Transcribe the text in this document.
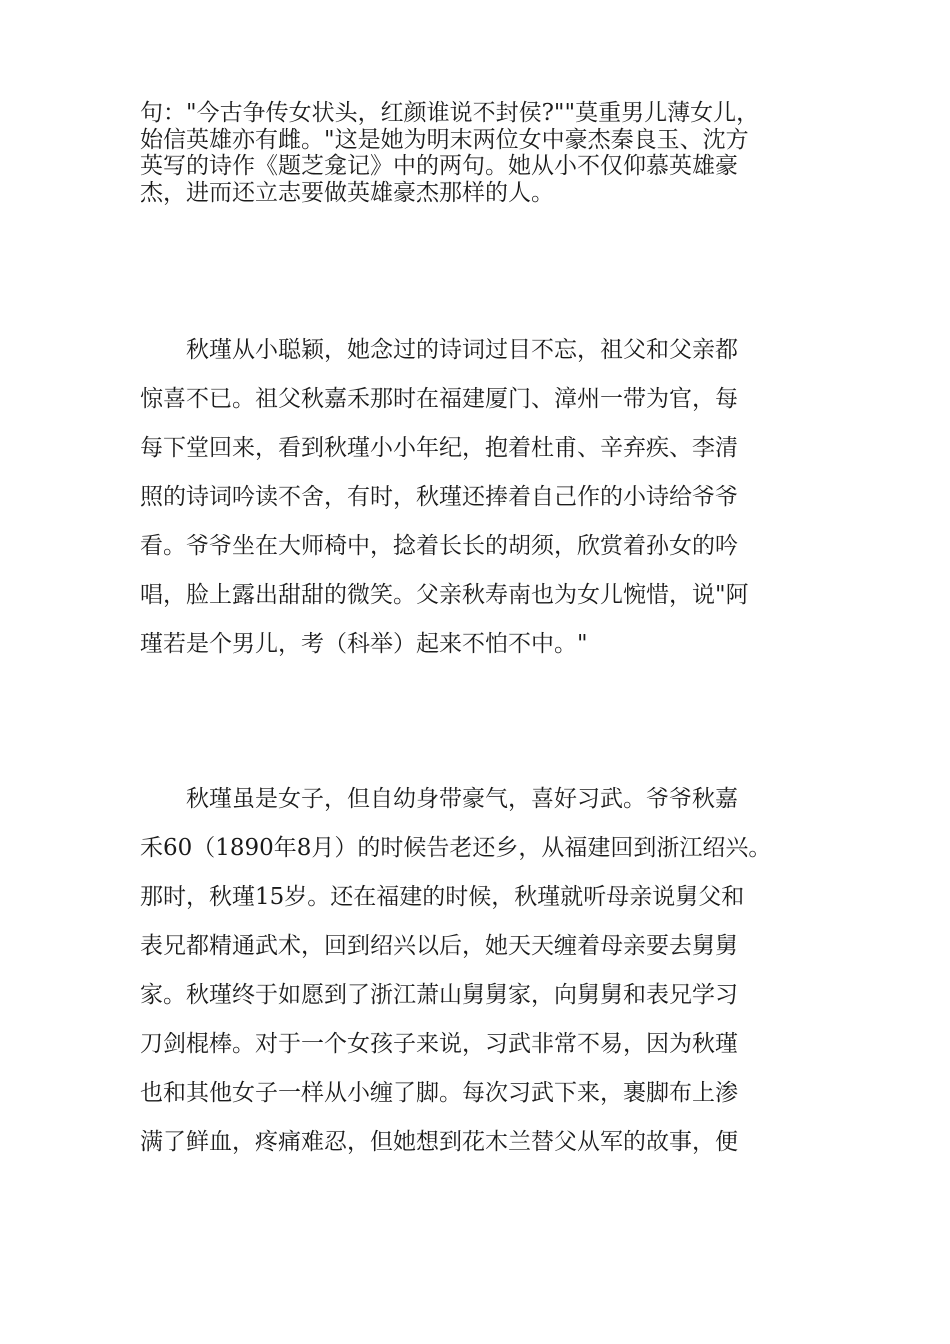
句："今古争传女状头，红颜谁说不封侯?""莫重男儿薄女儿，
始信英雄亦有雌。"这是她为明末两位女中豪杰秦良玉、沈方
英写的诗作《题芝龛记》中的两句。她从小不仅仰慕英雄豪
杰，进而还立志要做英雄豪杰那样的人。
　　秋瑾从小聪颖，她念过的诗词过目不忘，祖父和父亲都
惊喜不已。祖父秋嘉禾那时在福建厦门、漳州一带为官，每
每下堂回来，看到秋瑾小小年纪，抱着杜甫、辛弃疾、李清
照的诗词吟读不舍，有时，秋瑾还捧着自己作的小诗给爷爷
看。爷爷坐在大师椅中，捻着长长的胡须，欣赏着孙女的吟
唱，脸上露出甜甜的微笑。父亲秋寿南也为女儿惋惜，说"阿
瑾若是个男儿，考（科举）起来不怕不中。"
　　秋瑾虽是女子，但自幼身带豪气，喜好习武。爷爷秋嘉
禾60（1890年8月）的时候告老还乡，从福建回到浙江绍兴。
那时，秋瑾15岁。还在福建的时候，秋瑾就听母亲说舅父和
表兄都精通武术，回到绍兴以后，她天天缠着母亲要去舅舅
家。秋瑾终于如愿到了浙江萧山舅舅家，向舅舅和表兄学习
刀剑棍棒。对于一个女孩子来说，习武非常不易，因为秋瑾
也和其他女子一样从小缠了脚。每次习武下来，裹脚布上渗
满了鲜血，疼痛难忍，但她想到花木兰替父从军的故事，便
